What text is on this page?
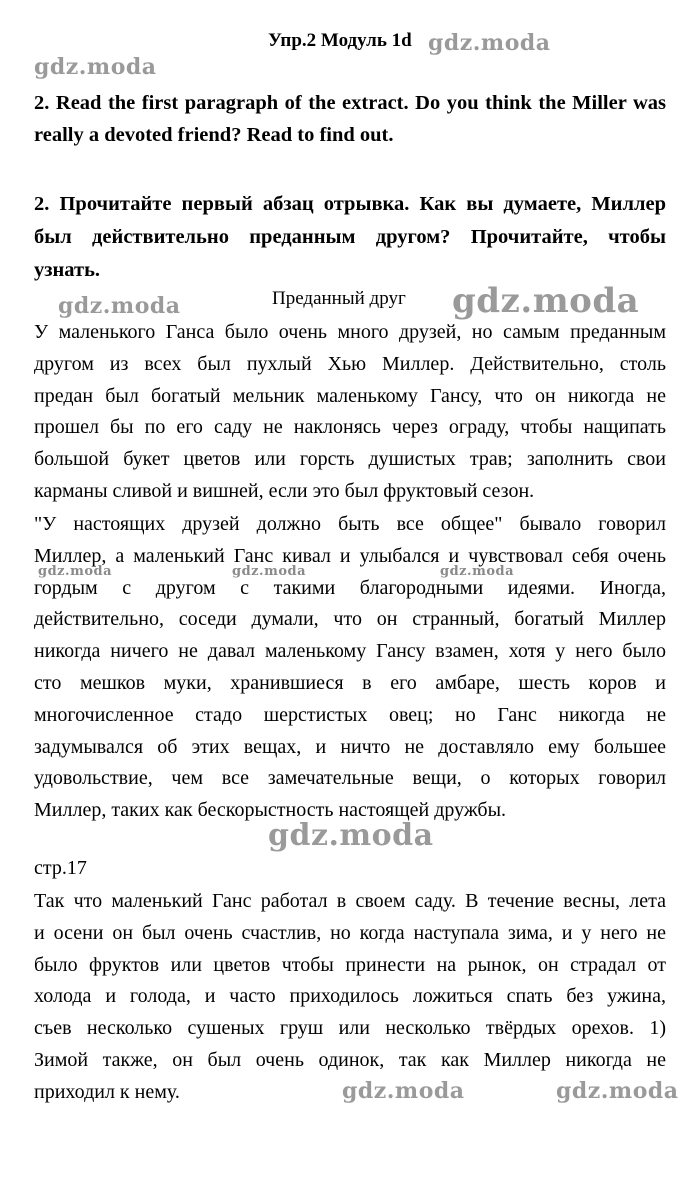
Упр.2 Модуль 1d
2. Read the first paragraph of the extract. Do you think the Miller was really a devoted friend? Read to find out.
2. Прочитайте первый абзац отрывка. Как вы думаете, Миллер
был действительно преданным другом? Прочитайте, чтобы
узнать.
Преданный друг
У маленького Ганса было очень много друзей, но самым преданным
другом из всех был пухлый Хью Миллер. Действительно, столь
предан был богатый мельник маленькому Гансу, что он никогда не
прошел бы по его саду не наклонясь через ограду, чтобы нащипать
большой букет цветов или горсть душистых трав; заполнить свои
карманы сливой и вишней, если это был фруктовый сезон.
"У настоящих друзей должно быть все общее" бывало говорил
Миллер, а маленький Ганс кивал и улыбался и чувствовал себя очень
гордым с другом с такими благородными идеями. Иногда,
действительно, соседи думали, что он странный, богатый Миллер
никогда ничего не давал маленькому Гансу взамен, хотя у него было
сто мешков муки, хранившиеся в его амбаре, шесть коров и
многочисленное стадо шерстистых овец; но Ганс никогда не
задумывался об этих вещах, и ничто не доставляло ему большее
удовольствие, чем все замечательные вещи, о которых говорил
Миллер, таких как бескорыстность настоящей дружбы.
стр.17
Так что маленький Ганс работал в своем саду. В течение весны, лета
и осени он был очень счастлив, но когда наступала зима, и у него не
было фруктов или цветов чтобы принести на рынок, он страдал от
холода и голода, и часто приходилось ложиться спать без ужина,
съев несколько сушеных груш или несколько твёрдых орехов. 1)
Зимой также, он был очень одинок, так как Миллер никогда не
приходил к нему.
gdz.moda
gdz.moda
gdz.moda	gdz.moda
gdz.moda	gdz.moda	gdz.moda
gdz.moda
gdz.moda	gdz.moda
